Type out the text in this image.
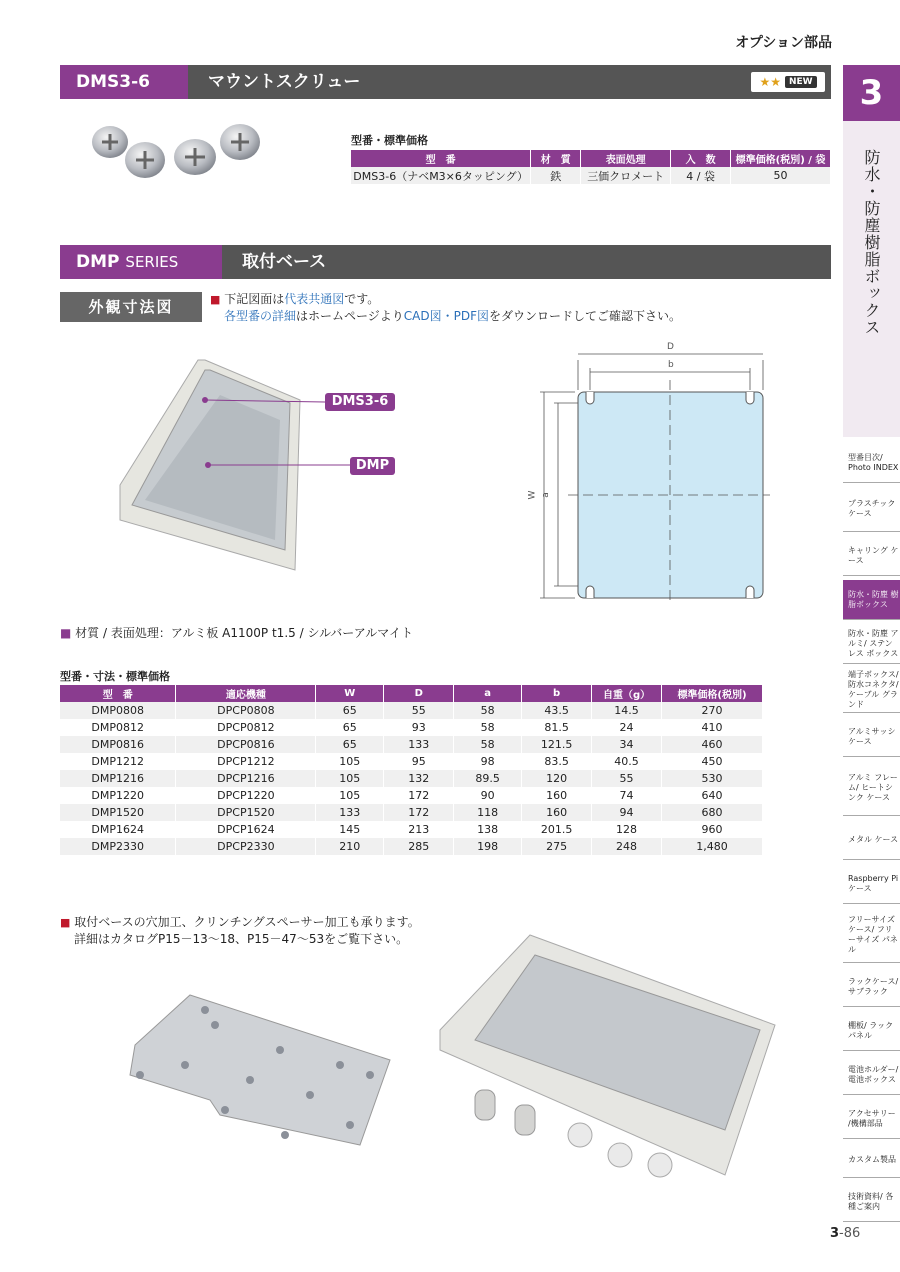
オプション部品
DMS3-6	マウントスクリュー	★★ NEW
型番・標準価格
型　番	材　質	表面処理	入　数	標準価格(税別) / 袋
DMS3-6（ナベM3×6タッピング）	鉄	三価クロメート	4 / 袋	50
DMP SERIES	取付ベース
外観寸法図	■ 下記図面は代表共通図です。
各型番の詳細はホームページよりCAD図・PDF図をダウンロードしてご確認下さい。
DMS3-6
DMP
D
b
W a
■ 材質 / 表面処理：アルミ板 A1100P t1.5 / シルバーアルマイト
型番・寸法・標準価格
型　番	適応機種	W	D	a	b	自重（g）	標準価格(税別)
DMP0808	DPCP0808	65	55	58	43.5	14.5	270
DMP0812	DPCP0812	65	93	58	81.5	24	410
DMP0816	DPCP0816	65	133	58	121.5	34	460
DMP1212	DPCP1212	105	95	98	83.5	40.5	450
DMP1216	DPCP1216	105	132	89.5	120	55	530
DMP1220	DPCP1220	105	172	90	160	74	640
DMP1520	DPCP1520	133	172	118	160	94	680
DMP1624	DPCP1624	145	213	138	201.5	128	960
DMP2330	DPCP2330	210	285	198	275	248	1,480
■ 取付ベースの穴加工、クリンチングスペーサー加工も承ります。
詳細はカタログP15－13～18、P15－47～53をご覧下さい。
3
防水・防塵樹脂ボックス
型番目次/ Photo INDEX
プラスチック ケース
キャリング ケース
防水・防塵 樹脂ボックス
防水・防塵 アルミ/ ステンレス ボックス
端子ボックス/ 防水コネクタ/ ケーブル グランド
アルミサッシ ケース
アルミ フレーム/ ヒートシンク ケース
メタル ケース
Raspberry Piケース
フリーサイズ ケース/ フリーサイズ パネル
ラックケース/ サブラック
棚板/ ラックパネル
電池ホルダー/ 電池ボックス
アクセサリー /機構部品
カスタム製品
技術資料/ 各種ご案内
3-86
